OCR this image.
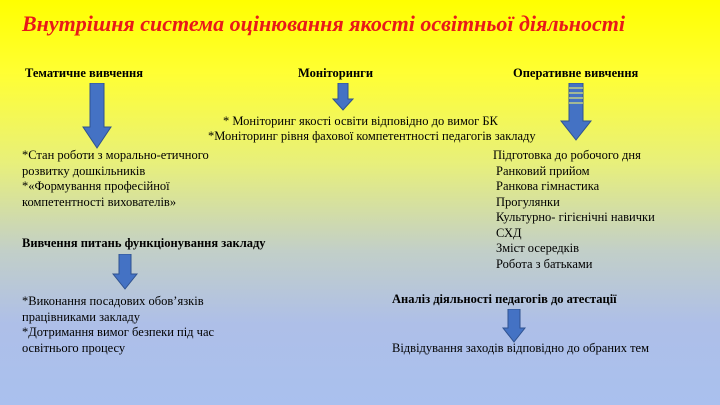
Внутрішня система оцінювання якості освітньої діяльності
Тематичне вивчення	Моніторинги	Оперативне вивчення
* Моніторинг якості освіти відповідно до вимог БК
*Моніторинг рівня фахової компетентності педагогів закладу
*Стан роботи з морально-етичного
розвитку дошкільників
*«Формування професійної
компетентності вихователів»
Підготовка до робочого дня
Ранковий прийом
Ранкова гімнастика
Прогулянки
Культурно- гігієнічні навички
СХД
Зміст осередків
Робота з батьками
Вивчення питань функціонування закладу
*Виконання посадових обов’язків
працівниками закладу
*Дотримання вимог безпеки під час
освітнього процесу
Аналіз діяльності педагогів до атестації
Відвідування заходів відповідно до обраних тем
